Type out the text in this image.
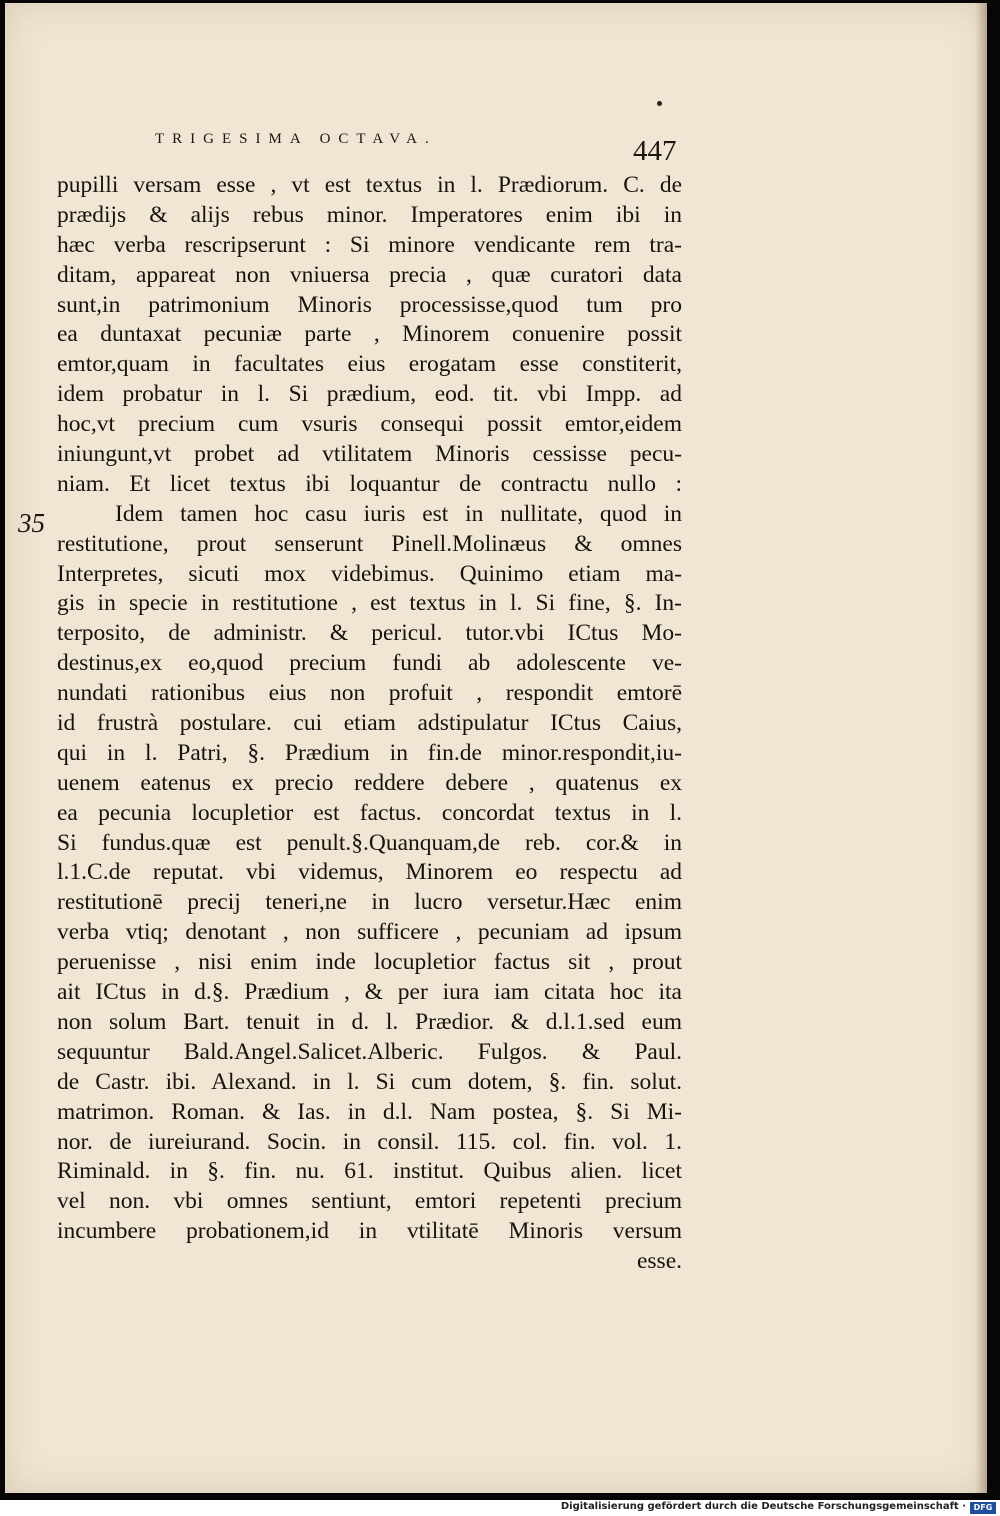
TRIGESIMA OCTAVA.	447
35
pupilli versam esse , vt est textus in l. Prædiorum. C. de
prædijs & alijs rebus minor. Imperatores enim ibi in
hæc verba rescripserunt : Si minore vendicante rem tra-
ditam, appareat non vniuersa precia , quæ curatori data
sunt,in patrimonium Minoris processisse,quod tum pro
ea duntaxat pecuniæ parte , Minorem conuenire possit
emtor,quam in facultates eius erogatam esse constiterit,
idem probatur in l. Si prædium, eod. tit. vbi Impp. ad
hoc,vt precium cum vsuris consequi possit emtor,eidem
iniungunt,vt probet ad vtilitatem Minoris cessisse pecu-
niam. Et licet textus ibi loquantur de contractu nullo :
Idem tamen hoc casu iuris est in nullitate, quod in
restitutione, prout senserunt Pinell.Molinæus & omnes
Interpretes, sicuti mox videbimus. Quinimo etiam ma-
gis in specie in restitutione , est textus in l. Si fine, §. In-
terposito, de administr. & pericul. tutor.vbi ICtus Mo-
destinus,ex eo,quod precium fundi ab adolescente ve-
nundati rationibus eius non profuit , respondit emtorē
id frustrà postulare. cui etiam adstipulatur ICtus Caius,
qui in l. Patri, §. Prædium in fin.de minor.respondit,iu-
uenem eatenus ex precio reddere debere , quatenus ex
ea pecunia locupletior est factus. concordat textus in l.
Si fundus.quæ est penult.§.Quanquam,de reb. cor.& in
l.1.C.de reputat. vbi videmus, Minorem eo respectu ad
restitutionē precij teneri,ne in lucro versetur.Hæc enim
verba vtiq; denotant , non sufficere , pecuniam ad ipsum
peruenisse , nisi enim inde locupletior factus sit , prout
ait ICtus in d.§. Prædium , & per iura iam citata hoc ita
non solum Bart. tenuit in d. l. Prædior. & d.l.1.sed eum
sequuntur Bald.Angel.Salicet.Alberic. Fulgos. & Paul.
de Castr. ibi. Alexand. in l. Si cum dotem, §. fin. solut.
matrimon. Roman. & Ias. in d.l. Nam postea, §. Si Mi-
nor. de iureiurand. Socin. in consil. 115. col. fin. vol. 1.
Riminald. in §. fin. nu. 61. institut. Quibus alien. licet
vel non. vbi omnes sentiunt, emtori repetenti precium
incumbere probationem,id in vtilitatē Minoris versum
esse.
Digitalisierung gefördert durch die Deutsche Forschungsgemeinschaft · DFG
